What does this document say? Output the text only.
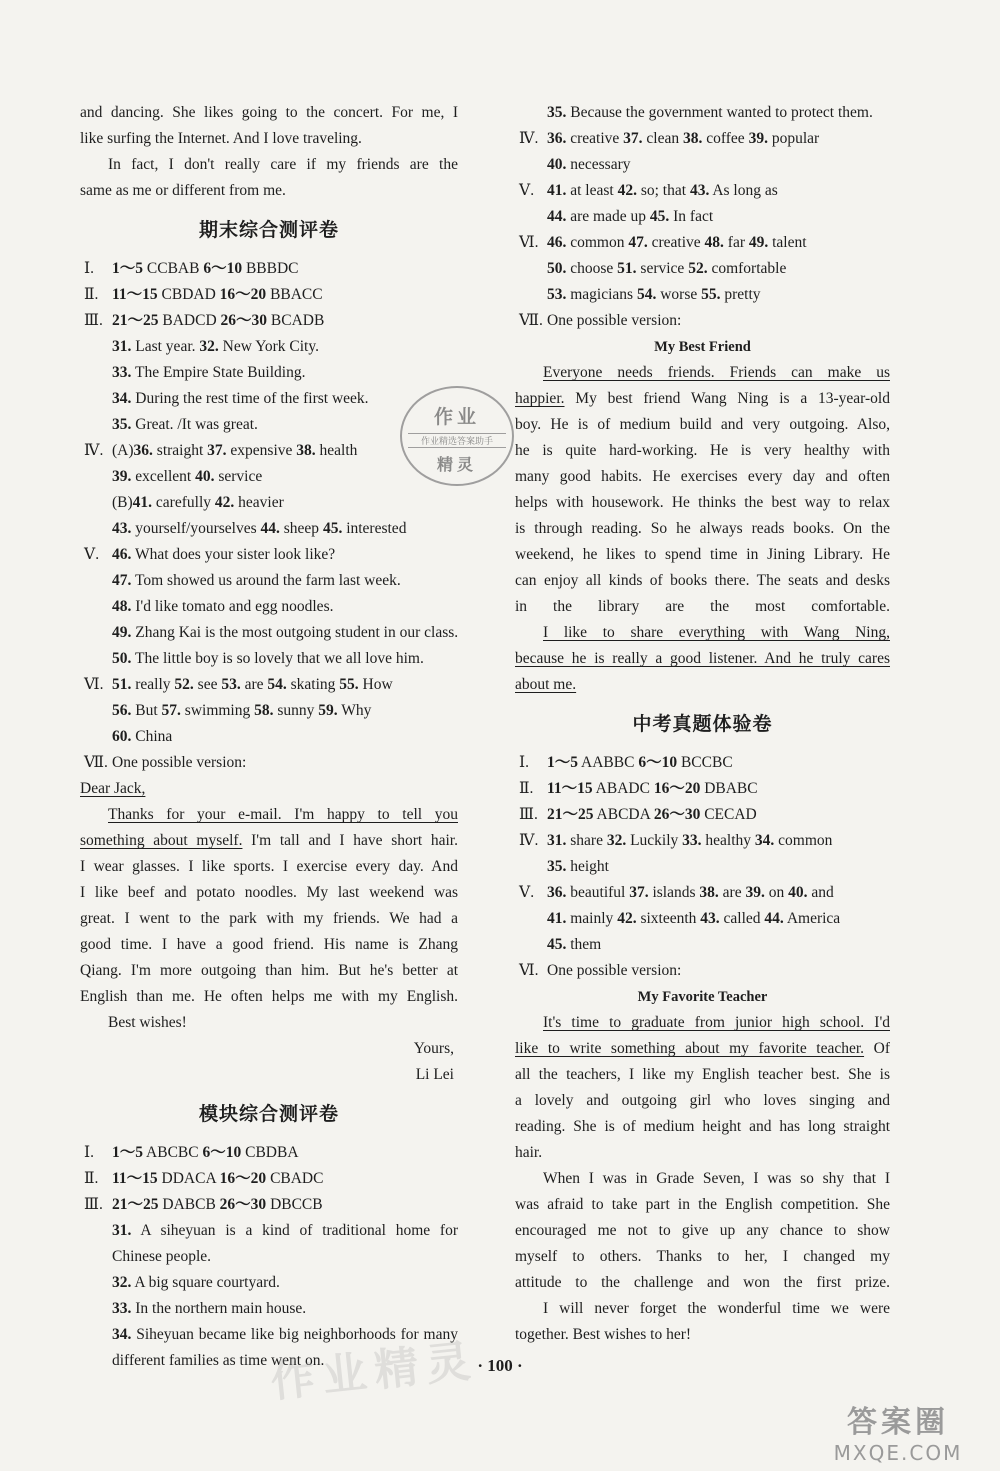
and dancing. She likes going to the concert. For me, I
like surfing the Internet. And I love traveling.
In fact, I don't really care if my friends are the
same as me or different from me.
期末综合测评卷
Ⅰ. 1～5 CCBAB 6～10 BBBDC
Ⅱ. 11～15 CBDAD 16～20 BBACC
Ⅲ. 21～25 BADCD 26～30 BCADB
31. Last year. 32. New York City.
33. The Empire State Building.
34. During the rest time of the first week.
35. Great. /It was great.
Ⅳ. (A)36. straight 37. expensive 38. health
39. excellent 40. service
(B)41. carefully 42. heavier
43. yourself/yourselves 44. sheep 45. interested
Ⅴ. 46. What does your sister look like?
47. Tom showed us around the farm last week.
48. I'd like tomato and egg noodles.
49. Zhang Kai is the most outgoing student in our class.
50. The little boy is so lovely that we all love him.
Ⅵ. 51. really 52. see 53. are 54. skating 55. How
56. But 57. swimming 58. sunny 59. Why
60. China
Ⅶ. One possible version:
Dear Jack,
Thanks for your e-mail. I'm happy to tell you
something about myself. I'm tall and I have short hair.
I wear glasses. I like sports. I exercise every day. And
I like beef and potato noodles. My last weekend was
great. I went to the park with my friends. We had a
good time. I have a good friend. His name is Zhang
Qiang. I'm more outgoing than him. But he's better at
English than me. He often helps me with my English.
Best wishes!
Yours,
Li Lei
模块综合测评卷
Ⅰ. 1～5 ABCBC 6～10 CBDBA
Ⅱ. 11～15 DDACA 16～20 CBADC
Ⅲ. 21～25 DABCB 26～30 DBCCB
31. A siheyuan is a kind of traditional home for
Chinese people.
32. A big square courtyard.
33. In the northern main house.
34. Siheyuan became like big neighborhoods for many
different families as time went on.
35. Because the government wanted to protect them.
Ⅳ. 36. creative 37. clean 38. coffee 39. popular
40. necessary
Ⅴ. 41. at least 42. so; that 43. As long as
44. are made up 45. In fact
Ⅵ. 46. common 47. creative 48. far 49. talent
50. choose 51. service 52. comfortable
53. magicians 54. worse 55. pretty
Ⅶ. One possible version:
My Best Friend
Everyone needs friends. Friends can make us
happier. My best friend Wang Ning is a 13-year-old
boy. He is of medium build and very outgoing. Also,
he is quite hard-working. He is very healthy with
many good habits. He exercises every day and often
helps with housework. He thinks the best way to relax
is through reading. So he always reads books. On the
weekend, he likes to spend time in Jining Library. He
can enjoy all kinds of books there. The seats and desks
in the library are the most comfortable.
I like to share everything with Wang Ning,
because he is really a good listener. And he truly cares
about me.
中考真题体验卷
Ⅰ. 1～5 AABBC 6～10 BCCBC
Ⅱ. 11～15 ABADC 16～20 DBABC
Ⅲ. 21～25 ABCDA 26～30 CECAD
Ⅳ. 31. share 32. Luckily 33. healthy 34. common
35. height
Ⅴ. 36. beautiful 37. islands 38. are 39. on 40. and
41. mainly 42. sixteenth 43. called 44. America
45. them
Ⅵ. One possible version:
My Favorite Teacher
It's time to graduate from junior high school. I'd
like to write something about my favorite teacher. Of
all the teachers, I like my English teacher best. She is
a lovely and outgoing girl who loves singing and
reading. She is of medium height and has long straight
hair.
When I was in Grade Seven, I was so shy that I
was afraid to take part in the English competition. She
encouraged me not to give up any chance to show
myself to others. Thanks to her, I changed my
attitude to the challenge and won the first prize.
I will never forget the wonderful time we were
together. Best wishes to her!
· 100 ·
作业
作业精选答案助手
精灵
作业精灵
答案圈
MXQE.COM
